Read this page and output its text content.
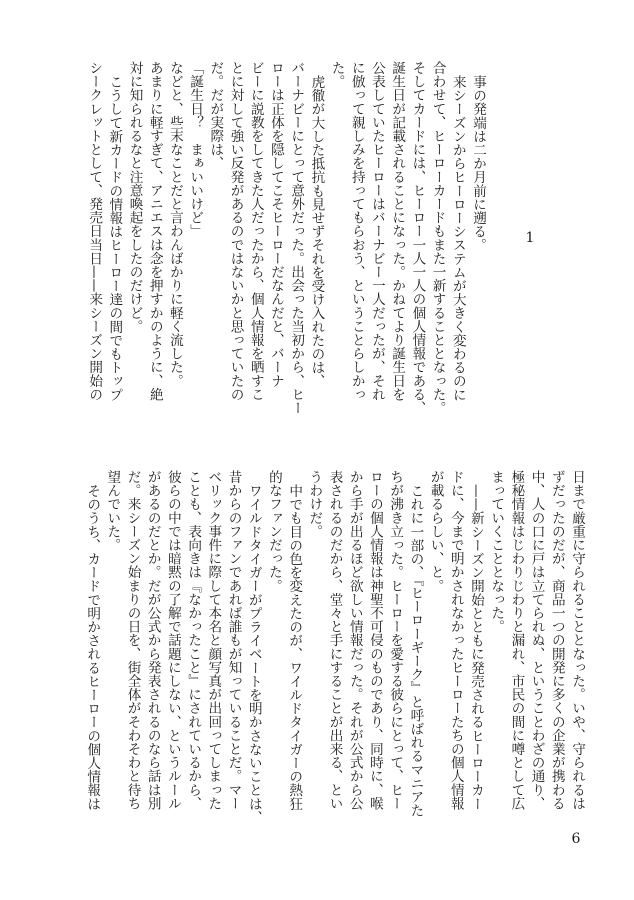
1
事の発端は二か月前に遡る。
来シーズンからヒーローシステムが大きく変わるのに
合わせて、ヒーローカードもまた一新することとなった。
そしてカードには、ヒーロー一人一人の個人情報である、
誕生日が記載されることになった。かねてより誕生日を
公表していたヒーローはバーナビー一人だったが、それ
に倣って親しみを持ってもらおう、ということらしかっ
た。
虎徹が大した抵抗も見せずそれを受け入れたのは、
バーナビーにとって意外だった。出会った当初から、ヒー
ローは正体を隠してこそヒーローだなんだと、バーナ
ビーに説教をしてきた人だったから、個人情報を晒すこ
とに対して強い反発があるのではないかと思っていたの
だ。だが実際は、
「誕生日？　まぁいいけど」
などと、些末なことだと言わんばかりに軽く流した。
あまりに軽すぎて、アニエスは念を押すかのように、絶
対に知られるなと注意喚起をしたのだけど。
こうして新カードの情報はヒーロー達の間でもトップ
シークレットとして、発売日当日——来シーズン開始の
日まで厳重に守られることとなった。いや、守られるは
ずだったのだが、商品一つの開発に多くの企業が携わる
中、人の口に戸は立てられぬ、ということわざの通り、
極秘情報はじわりじわりと漏れ、市民の間に噂として広
まっていくこととなった。
——新シーズン開始とともに発売されるヒーローカー
ドに、今まで明かされなかったヒーローたちの個人情報
が載るらしい、と。
これに一部の、『ヒーローギーク』と呼ばれるマニアた
ちが沸き立った。ヒーローを愛する彼らにとって、ヒー
ローの個人情報は神聖不可侵のものであり、同時に、喉
から手が出るほど欲しい情報だった。それが公式から公
表されるのだから、堂々と手にすることが出来る、とい
うわけだ。
中でも目の色を変えたのが、ワイルドタイガーの熱狂
的なファンだった。
ワイルドタイガーがプライベートを明かさないことは、
昔からのファンであれば誰もが知っていることだ。マー
ベリック事件に際して本名と顔写真が出回ってしまった
ことも、表向きは『なかったこと』にされているから、
彼らの中では暗黙の了解で話題にしない、というルール
があるのだとか。だが公式から発表されるのなら話は別
だ。来シーズン始まりの日を、街全体がそわそわと待ち
望んでいた。
そのうち、カードで明かされるヒーローの個人情報は
6
